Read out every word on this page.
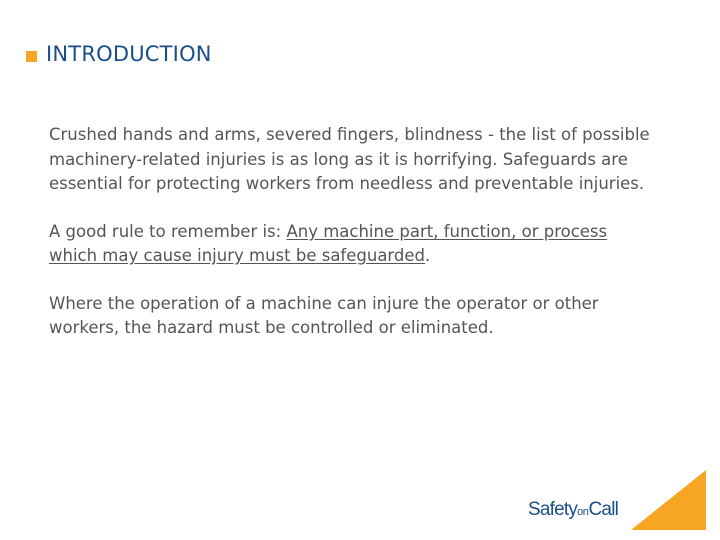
INTRODUCTION

Crushed hands and arms, severed fingers, blindness - the list of possible machinery-related injuries is as long as it is horrifying. Safeguards are essential for protecting workers from needless and preventable injuries.

A good rule to remember is: Any machine part, function, or process which may cause injury must be safeguarded.

Where the operation of a machine can injure the operator or other workers, the hazard must be controlled or eliminated.

SafetyonCall
